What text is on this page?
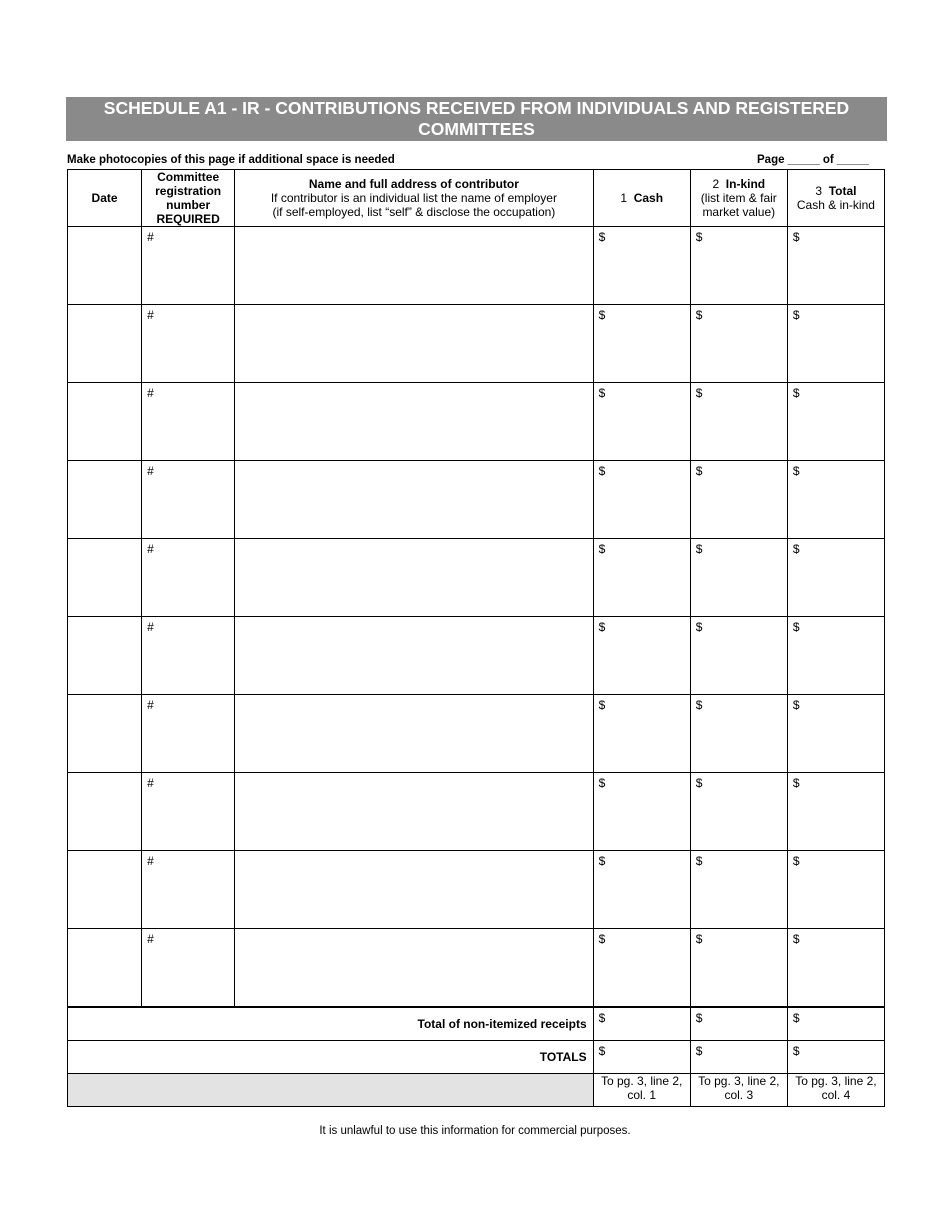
SCHEDULE A1 - IR - CONTRIBUTIONS RECEIVED FROM INDIVIDUALS AND REGISTERED COMMITTEES
Make photocopies of this page if additional space is needed	Page _____ of _____
Date	Committee
registration
number
REQUIRED	Name and full address of contributor
If contributor is an individual list the name of employer
(if self-employed, list “self” & disclose the occupation)	1 Cash	2 In-kind
(list item & fair
market value)	3 Total
Cash & in-kind

	#		$	$	$

	#		$	$	$

	#		$	$	$

	#		$	$	$

	#		$	$	$

	#		$	$	$

	#		$	$	$

	#		$	$	$

	#		$	$	$

	#		$	$	$

Total of non-itemized receipts			$	$	$

TOTALS			$	$	$

			To pg. 3, line 2,
col. 1	To pg. 3, line 2,
col. 3	To pg. 3, line 2,
col. 4
It is unlawful to use this information for commercial purposes.
